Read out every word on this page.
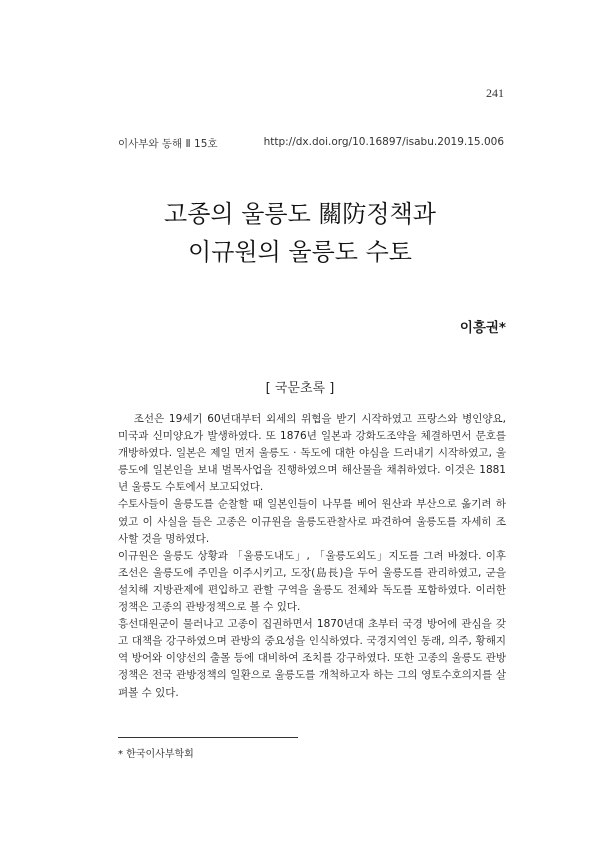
241
이사부와 동해 Ⅱ 15호	http://dx.doi.org/10.16897/isabu.2019.15.006
고종의 울릉도 關防정책과
이규원의 울릉도 수토
이흥권*
[ 국문초록 ]

조선은 19세기 60년대부터 외세의 위협을 받기 시작하였고 프랑스와 병인양요, 미국과 신미양요가 발생하였다. 또 1876년 일본과 강화도조약을 체결하면서 문호를 개방하였다. 일본은 제일 먼저 울릉도 · 독도에 대한 야심을 드러내기 시작하였고, 울릉도에 일본인을 보내 벌목사업을 진행하였으며 해산물을 채취하였다. 이것은 1881년 울릉도 수토에서 보고되었다.

수토사들이 울릉도를 순찰할 때 일본인들이 나무를 베어 원산과 부산으로 옮기려 하였고 이 사실을 들은 고종은 이규원을 울릉도관찰사로 파견하여 울릉도를 자세히 조사할 것을 명하였다.

이규원은 울릉도 상황과 「울릉도내도」, 「울릉도외도」지도를 그려 바쳤다. 이후 조선은 울릉도에 주민을 이주시키고, 도장(島長)을 두어 울릉도를 관리하였고, 군을 설치해 지방관제에 편입하고 관할 구역을 울릉도 전체와 독도를 포함하였다. 이러한 정책은 고종의 관방정책으로 볼 수 있다.

흥선대원군이 물러나고 고종이 집권하면서 1870년대 초부터 국경 방어에 관심을 갖고 대책을 강구하였으며 관방의 중요성을 인식하였다. 국경지역인 동래, 의주, 황해지역 방어와 이양선의 출몰 등에 대비하여 조치를 강구하였다. 또한 고종의 울릉도 관방정책은 전국 관방정책의 일환으로 울릉도를 개척하고자 하는 그의 영토수호의지를 살펴볼 수 있다.

* 한국이사부학회
